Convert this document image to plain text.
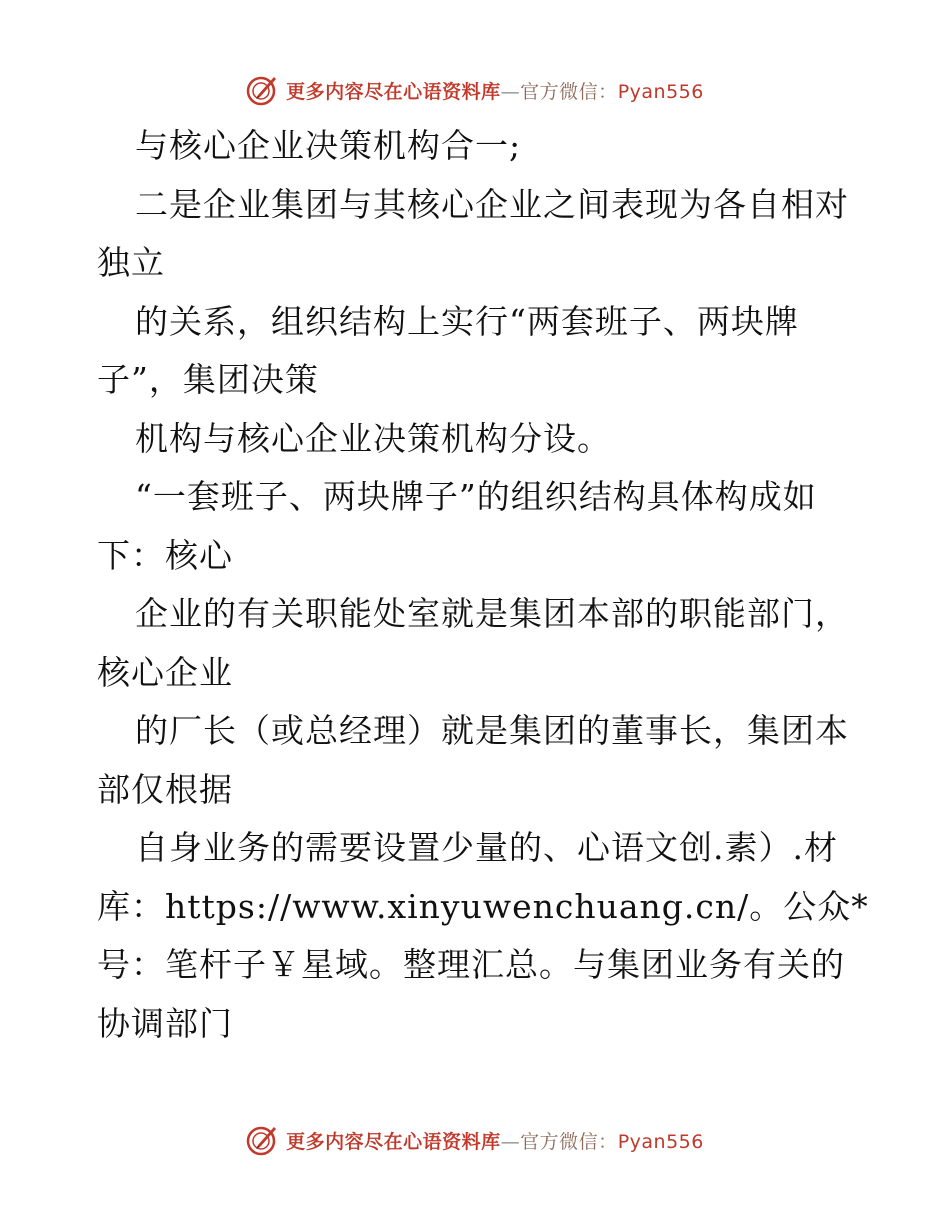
更多内容尽在心语资料库—官方微信：Pyan556
与核心企业决策机构合一;
二是企业集团与其核心企业之间表现为各自相对
独立
的关系，组织结构上实行“两套班子、两块牌
子”，集团决策
机构与核心企业决策机构分设。
“一套班子、两块牌子”的组织结构具体构成如
下：核心
企业的有关职能处室就是集团本部的职能部门，
核心企业
的厂长（或总经理）就是集团的董事长，集团本
部仅根据
自身业务的需要设置少量的、心语文创.素）.材
库：https://www.xinyuwenchuang.cn/。公众*
号：笔杆子￥星域。整理汇总。与集团业务有关的
协调部门
更多内容尽在心语资料库—官方微信：Pyan556
